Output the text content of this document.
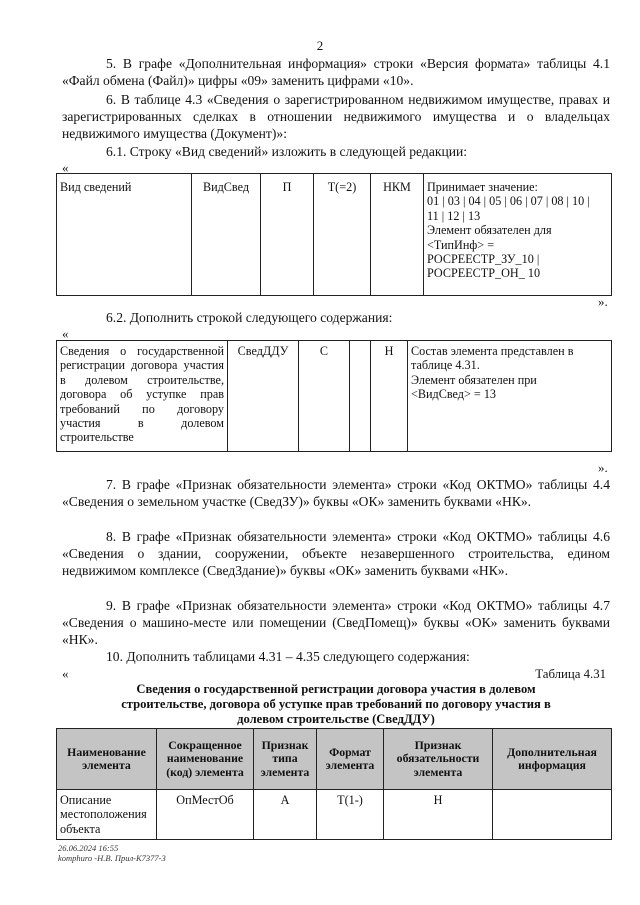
2
5. В графе «Дополнительная информация» строки «Версия формата» таблицы 4.1 «Файл обмена (Файл)» цифры «09» заменить цифрами «10».
6. В таблице 4.3 «Сведения о зарегистрированном недвижимом имуществе, правах и зарегистрированных сделках в отношении недвижимого имущества и о владельцах недвижимого имущества (Документ)»:
6.1. Строку «Вид сведений» изложить в следующей редакции:
«
Вид сведений	ВидСвед	П	T(=2)	НКМ	Принимает значение:
01 | 03 | 04 | 05 | 06 | 07 | 08 | 10 |
11 | 12 | 13
Элемент обязателен для
<ТипИнф> =
РОСРЕЕСТР_ЗУ_10 |
РОСРЕЕСТР_ОН_ 10
».
6.2. Дополнить строкой следующего содержания:
«
Сведения о государственной регистрации договора участия в долевом строительстве, договора об уступке прав требований по договору участия в долевом строительстве	СведДДУ	С		Н	Состав элемента представлен в
таблице 4.31.
Элемент обязателен при
<ВидСвед> = 13
».
7. В графе «Признак обязательности элемента» строки «Код ОКТМО» таблицы 4.4 «Сведения о земельном участке (СведЗУ)» буквы «ОК» заменить буквами «НК».
8. В графе «Признак обязательности элемента» строки «Код ОКТМО» таблицы 4.6 «Сведения о здании, сооружении, объекте незавершенного строительства, едином недвижимом комплексе (СведЗдание)» буквы «ОК» заменить буквами «НК».
9. В графе «Признак обязательности элемента» строки «Код ОКТМО» таблицы 4.7 «Сведения о машино-месте или помещении (СведПомещ)» буквы «ОК» заменить буквами «НК».
10. Дополнить таблицами 4.31 – 4.35 следующего содержания:
«	Таблица 4.31
Сведения о государственной регистрации договора участия в долевом
строительстве, договора об уступке прав требований по договору участия в
долевом строительстве (СведДДУ)
Наименование элемента	Сокращенное наименование (код) элемента	Признак типа элемента	Формат элемента	Признак обязательности элемента	Дополнительная информация
Описание местоположения объекта	ОпМестОб	А	T(1-)	Н	
26.06.2024 16:55
komphuro -Н.В. Прил-К7377-3
